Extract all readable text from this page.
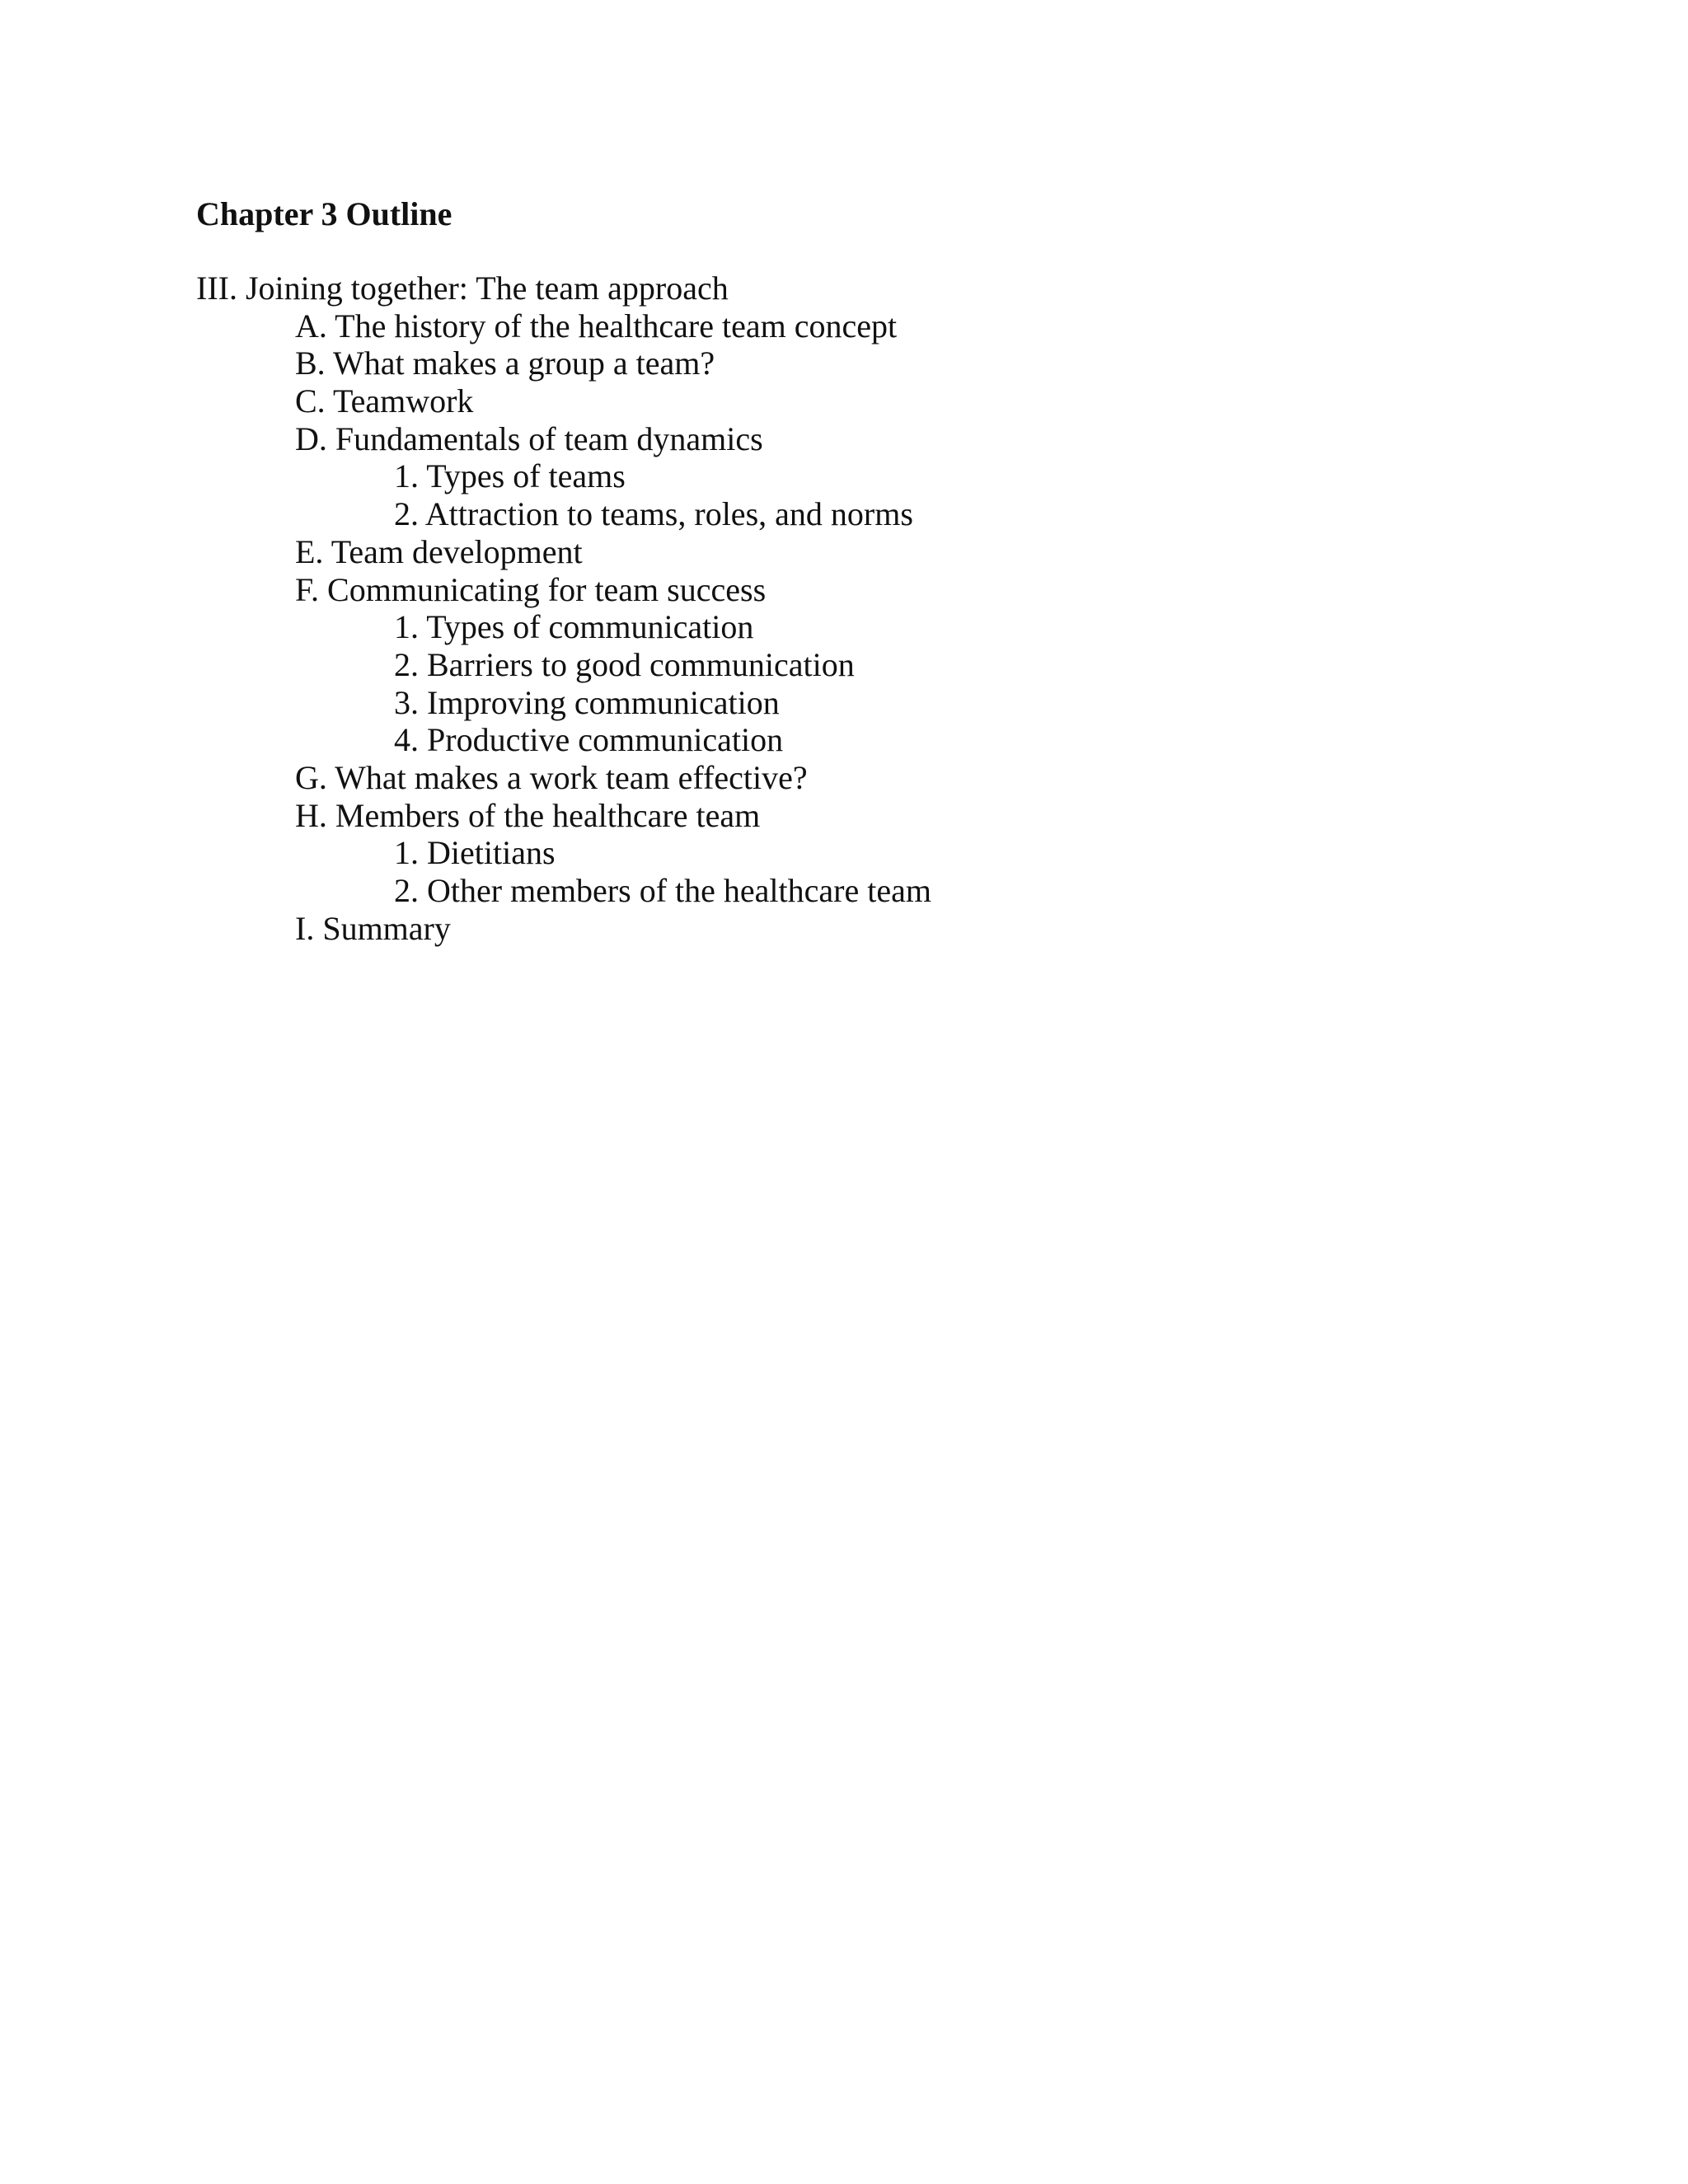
Chapter 3 Outline
III. Joining together: The team approach
A. The history of the healthcare team concept
B. What makes a group a team?
C. Teamwork
D. Fundamentals of team dynamics
1. Types of teams
2. Attraction to teams, roles, and norms
E. Team development
F. Communicating for team success
1. Types of communication
2. Barriers to good communication
3. Improving communication
4. Productive communication
G. What makes a work team effective?
H. Members of the healthcare team
1. Dietitians
2. Other members of the healthcare team
I. Summary
